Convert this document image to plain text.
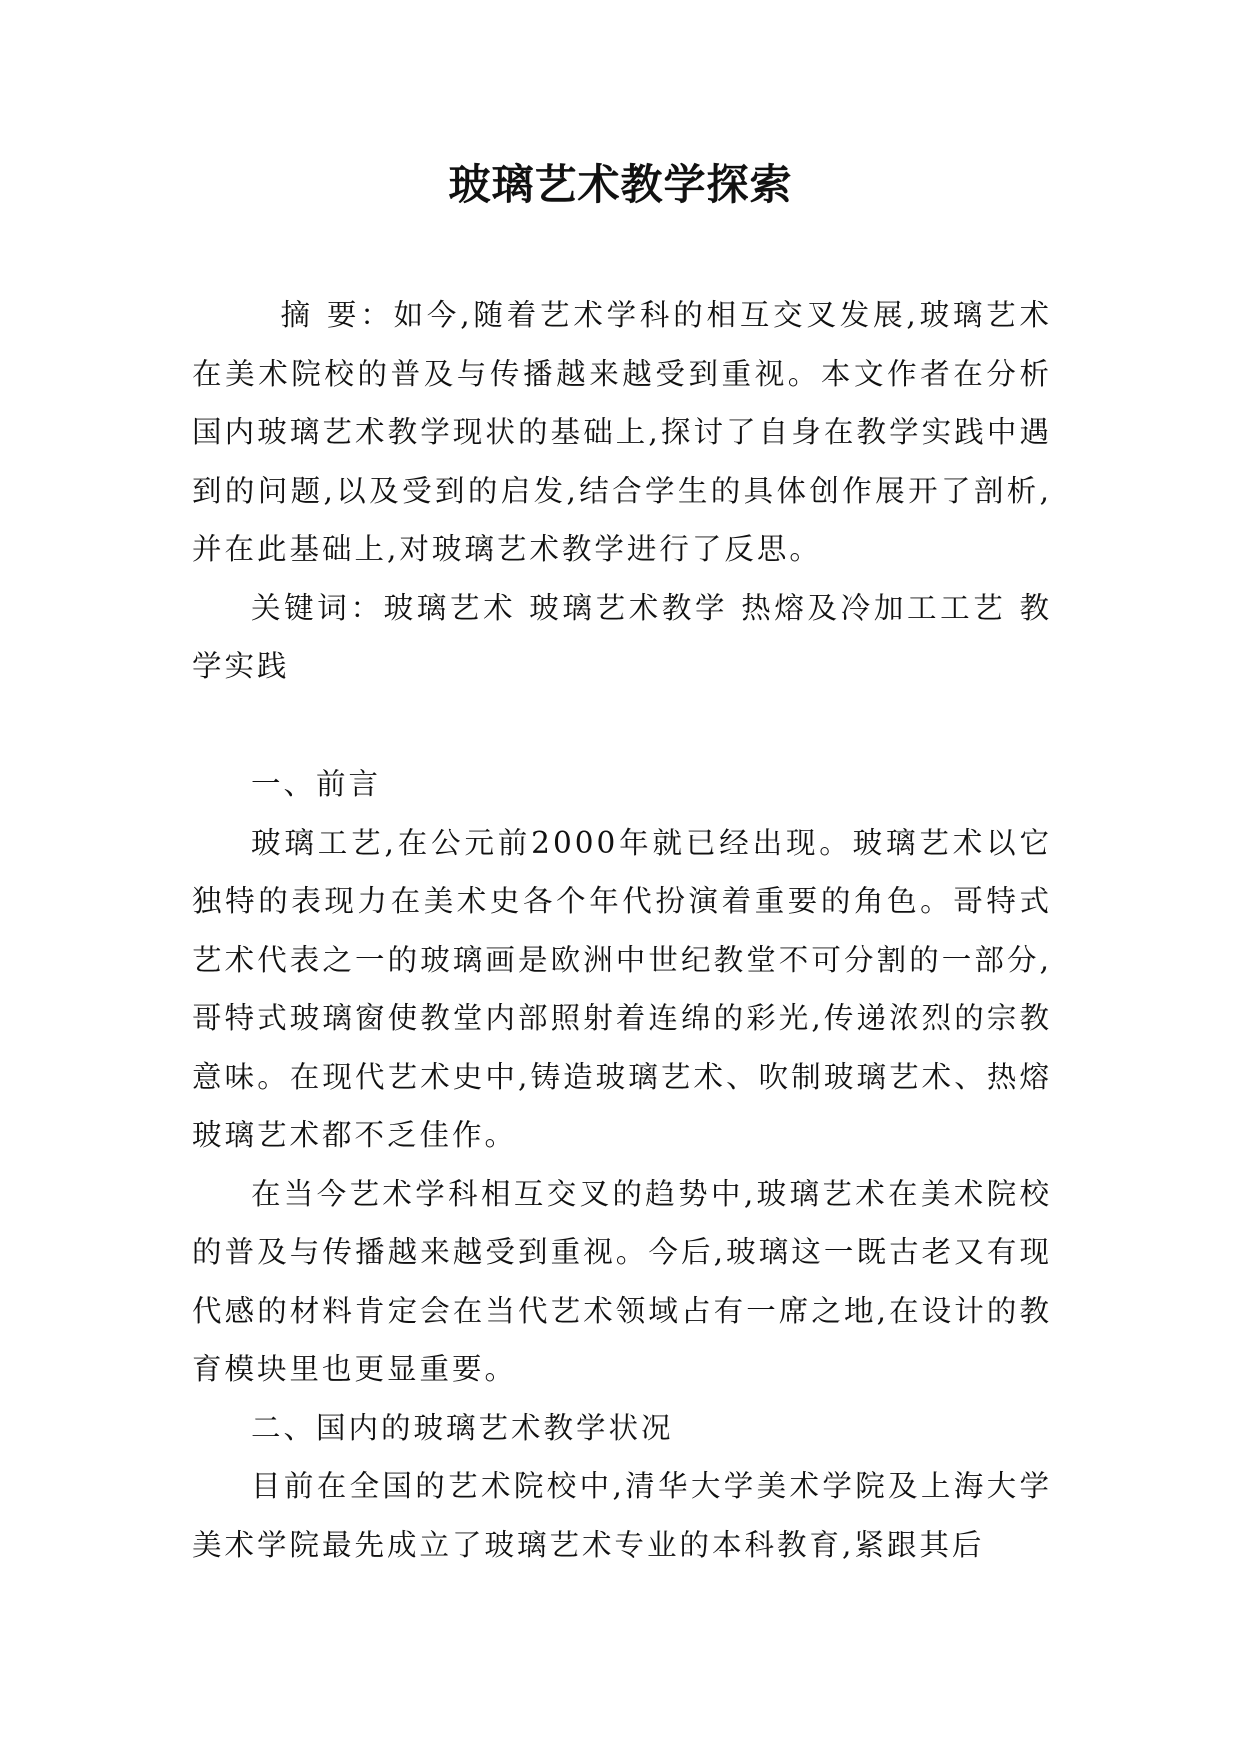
玻璃艺术教学探索

摘 要：如今,随着艺术学科的相互交叉发展,玻璃艺术在美术院校的普及与传播越来越受到重视。本文作者在分析国内玻璃艺术教学现状的基础上,探讨了自身在教学实践中遇到的问题,以及受到的启发,结合学生的具体创作展开了剖析,并在此基础上,对玻璃艺术教学进行了反思。

关键词：玻璃艺术 玻璃艺术教学 热熔及冷加工工艺 教学实践

一、前言

玻璃工艺,在公元前2000年就已经出现。玻璃艺术以它独特的表现力在美术史各个年代扮演着重要的角色。哥特式艺术代表之一的玻璃画是欧洲中世纪教堂不可分割的一部分,哥特式玻璃窗使教堂内部照射着连绵的彩光,传递浓烈的宗教意味。在现代艺术史中,铸造玻璃艺术、吹制玻璃艺术、热熔玻璃艺术都不乏佳作。

在当今艺术学科相互交叉的趋势中,玻璃艺术在美术院校的普及与传播越来越受到重视。今后,玻璃这一既古老又有现代感的材料肯定会在当代艺术领域占有一席之地,在设计的教育模块里也更显重要。

二、国内的玻璃艺术教学状况

目前在全国的艺术院校中,清华大学美术学院及上海大学美术学院最先成立了玻璃艺术专业的本科教育,紧跟其后
